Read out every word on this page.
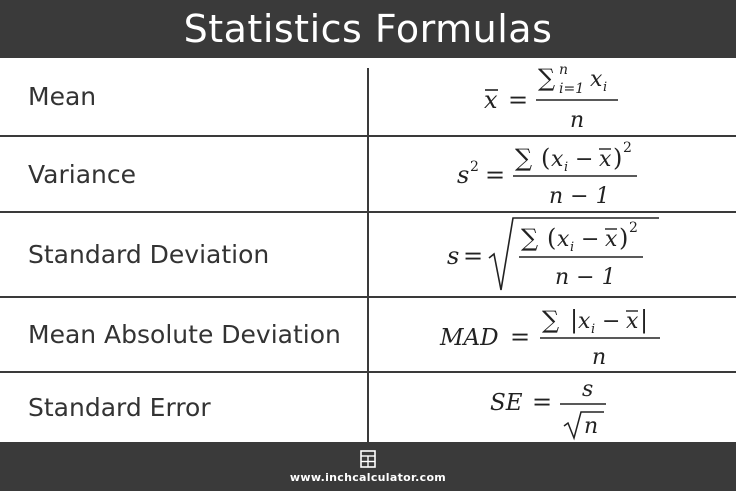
Statistics Formulas
Mean	x =
∑ i=1
n x i
n
Variance	s 2 =
∑ ( x i − x ) 2
n − 1
Standard Deviation	s =
∑ ( x i − x ) 2
n − 1
Mean Absolute Deviation	MAD =
∑ | x i − x |
n
Standard Error	SE = s
n
www.inchcalculator.com
